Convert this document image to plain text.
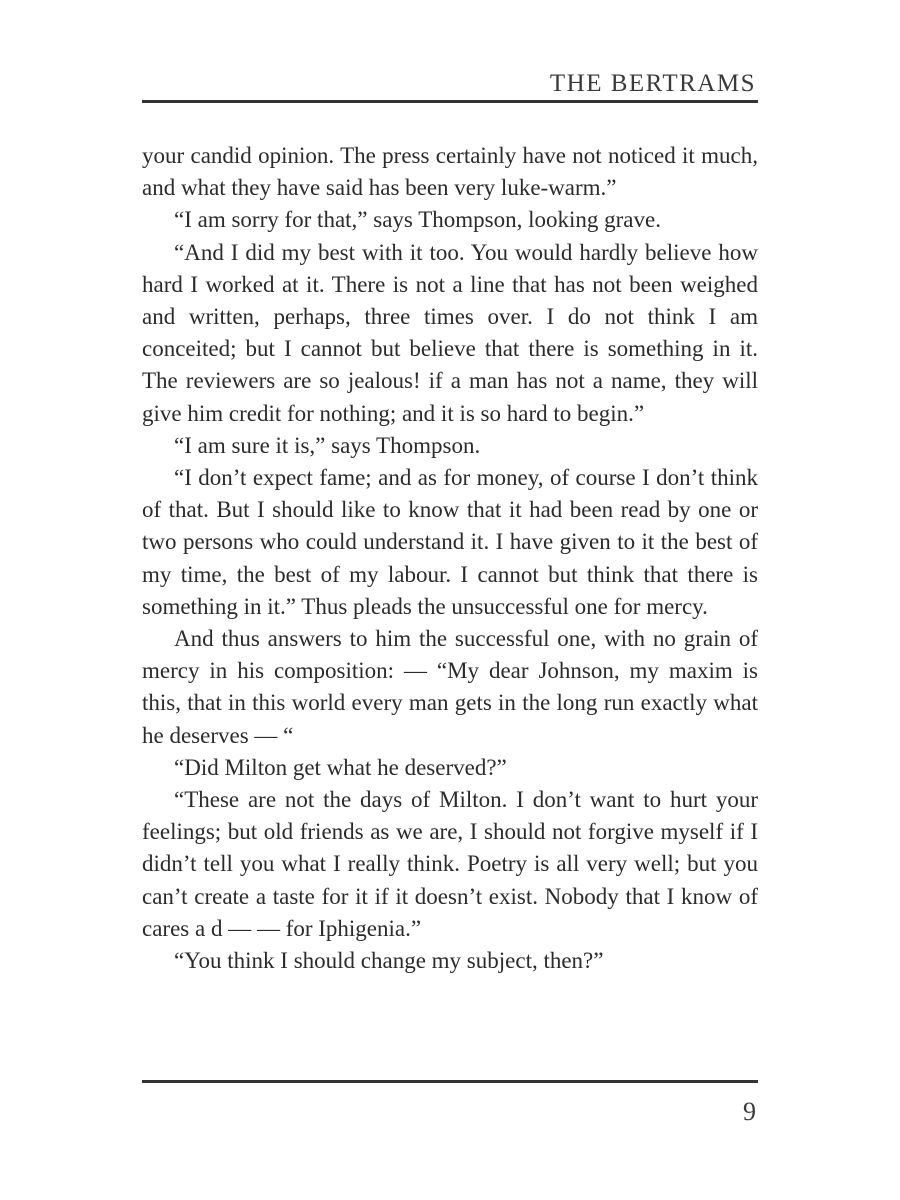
THE BERTRAMS

your candid opinion. The press certainly have not noticed it much, and what they have said has been very luke-warm.”

“I am sorry for that,” says Thompson, looking grave.

“And I did my best with it too. You would hardly believe how hard I worked at it. There is not a line that has not been weighed and written, perhaps, three times over. I do not think I am conceited; but I cannot but believe that there is something in it. The reviewers are so jealous! if a man has not a name, they will give him credit for nothing; and it is so hard to begin.”

“I am sure it is,” says Thompson.

“I don’t expect fame; and as for money, of course I don’t think of that. But I should like to know that it had been read by one or two persons who could understand it. I have given to it the best of my time, the best of my labour. I cannot but think that there is something in it.” Thus pleads the unsuccessful one for mercy.

And thus answers to him the successful one, with no grain of mercy in his composition: — “My dear Johnson, my maxim is this, that in this world every man gets in the long run exactly what he deserves — “

“Did Milton get what he deserved?”

“These are not the days of Milton. I don’t want to hurt your feelings; but old friends as we are, I should not forgive myself if I didn’t tell you what I really think. Poetry is all very well; but you can’t create a taste for it if it doesn’t exist. Nobody that I know of cares a d — — for Iphigenia.”

“You think I should change my subject, then?”

9
